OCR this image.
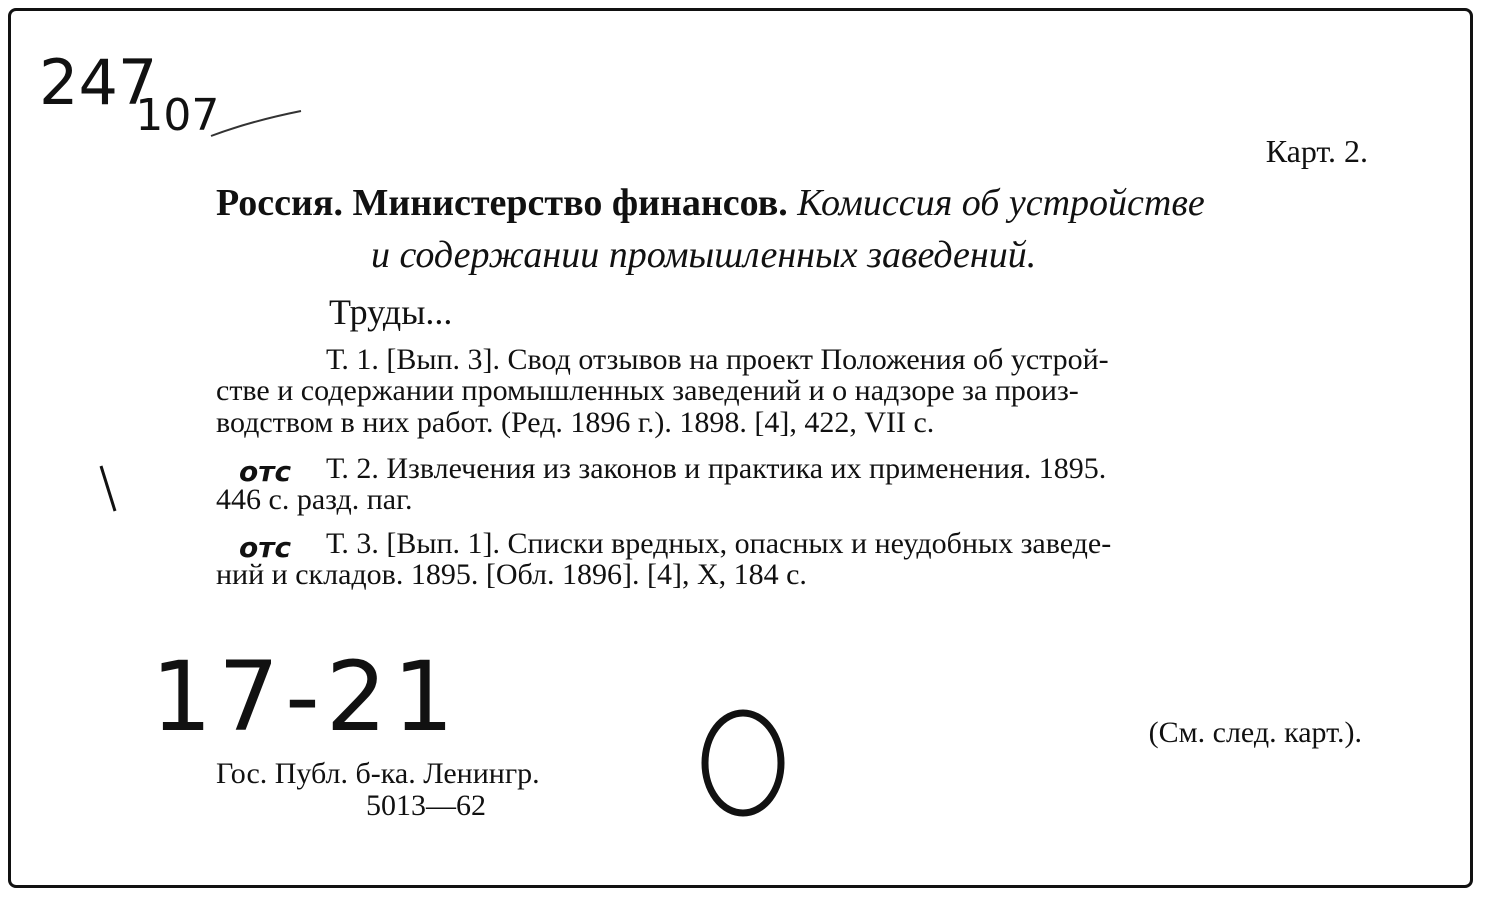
$247_{107}$
Карт. 2.
Россия. Министерство финансов. Комиссия об устройстве
и содержании промышленных заведений.
Труды...
Т. 1. [Вып. 3]. Свод отзывов на проект Положения об устрой-
стве и содержании промышленных заведений и о надзоре за произ-
водством в них работ. (Ред. 1896 г.). 1898. [4], 422, VII с.
Т. 2. Извлечения из законов и практика их применения. 1895.
446 с. разд. паг.
Т. 3. [Вып. 1]. Списки вредных, опасных и неудобных заведе-
ний и складов. 1895. [Обл. 1896]. [4], X, 184 с.
отс
отс
17-21	(См. след. карт.).
Гос. Публ. б-ка. Ленингр.
5013—62
